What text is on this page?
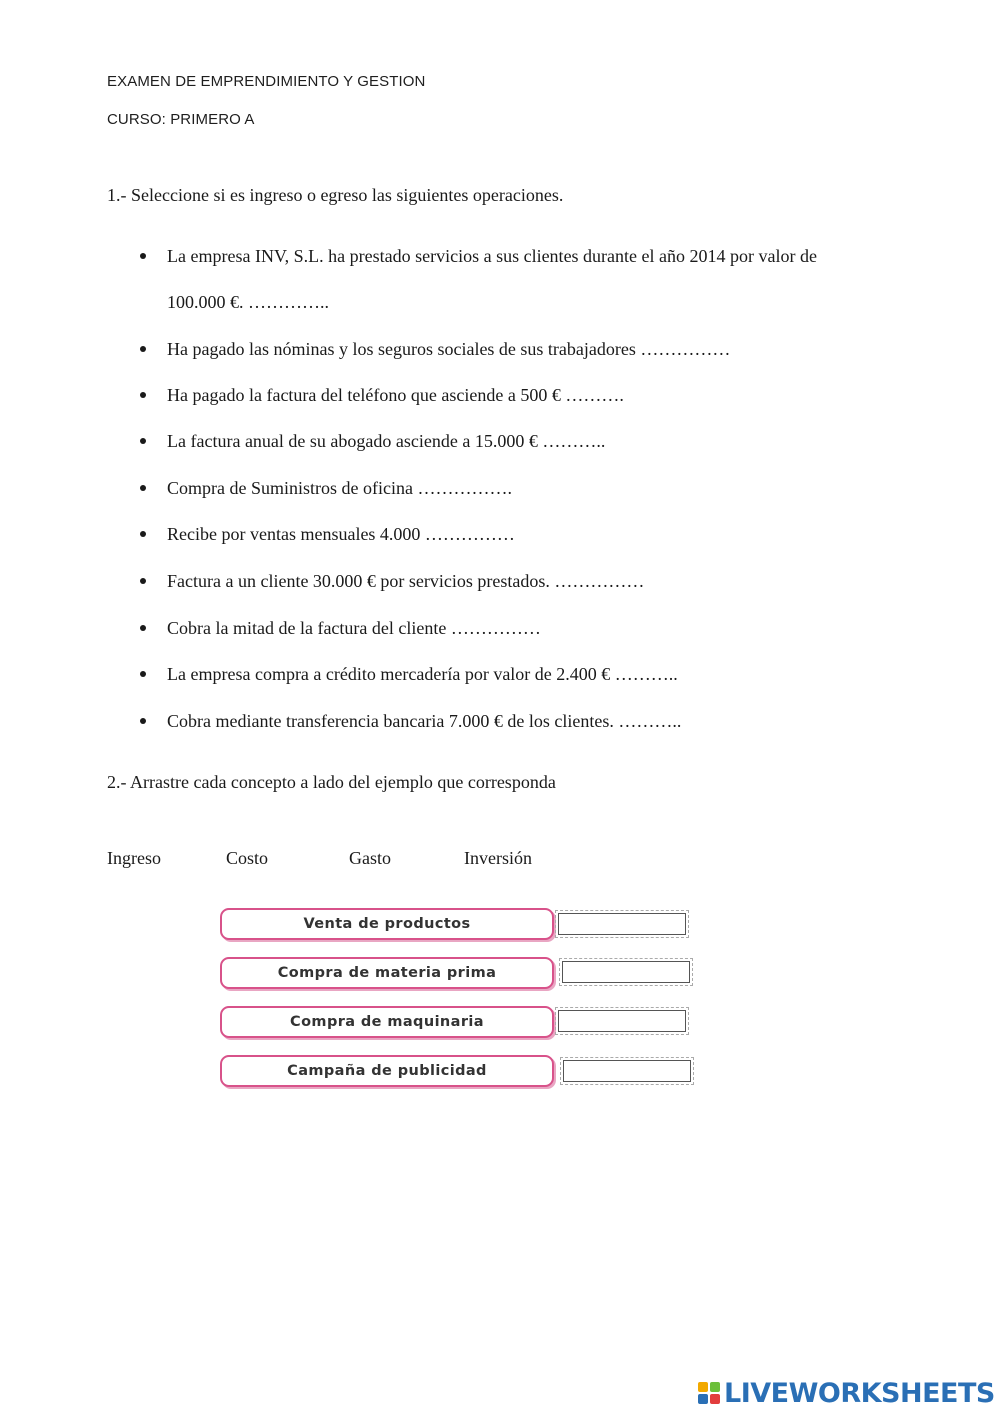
EXAMEN DE EMPRENDIMIENTO Y GESTION
CURSO: PRIMERO A
1.- Seleccione si es ingreso o egreso las siguientes operaciones.
La empresa INV, S.L. ha prestado servicios a sus clientes durante el año 2014 por valor de
100.000 €. …………..
Ha pagado las nóminas y los seguros sociales de sus trabajadores ……………
Ha pagado la factura del teléfono que asciende a 500 € ……….
La factura anual de su abogado asciende a 15.000 € ………..
Compra de Suministros de oficina …………….
Recibe por ventas mensuales 4.000 ……………
Factura a un cliente 30.000 € por servicios prestados. ……………
Cobra la mitad de la factura del cliente ……………
La empresa compra a crédito mercadería por valor de 2.400 € ………..
Cobra mediante transferencia bancaria 7.000 € de los clientes. ………..
2.- Arrastre cada concepto a lado del ejemplo que corresponda
Ingreso	Costo	Gasto	Inversión
Venta de productos
Compra de materia prima
Compra de maquinaria
Campaña de publicidad
LIVEWORKSHEETS
